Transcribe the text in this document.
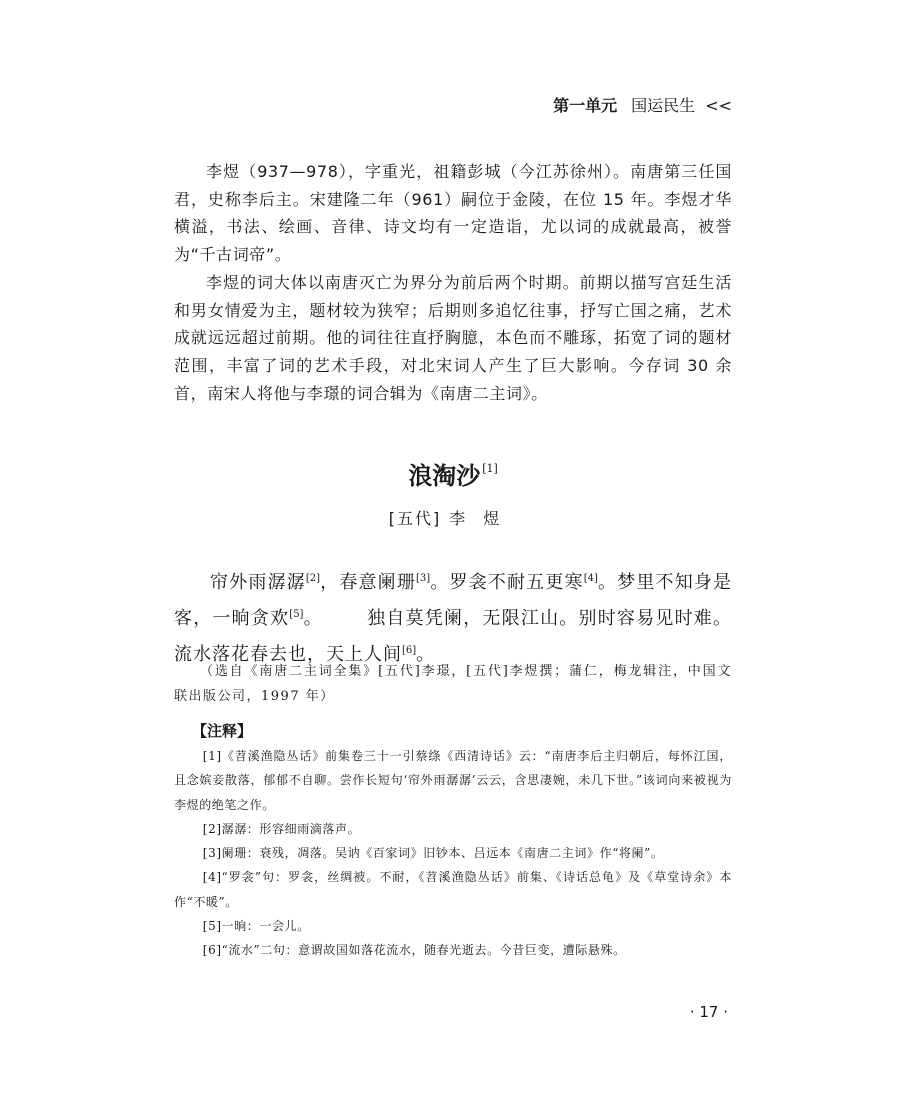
第一单元 国运民生 <<

李煜（937—978），字重光，祖籍彭城（今江苏徐州）。南唐第三任国君，史称李后主。宋建隆二年（961）嗣位于金陵，在位 15 年。李煜才华横溢，书法、绘画、音律、诗文均有一定造诣，尤以词的成就最高，被誉为“千古词帝”。

李煜的词大体以南唐灭亡为界分为前后两个时期。前期以描写宫廷生活和男女情爱为主，题材较为狭窄；后期则多追忆往事，抒写亡国之痛，艺术成就远远超过前期。他的词往往直抒胸臆，本色而不雕琢，拓宽了词的题材范围，丰富了词的艺术手段，对北宋词人产生了巨大影响。今存词 30 余首，南宋人将他与李璟的词合辑为《南唐二主词》。

浪淘沙 [1]
[五代] 李煜

帘外雨潺潺[2]，春意阑珊[3]。罗衾不耐五更寒[4]。梦里不知身是客，一晌贪欢[5]。 独自莫凭阑，无限江山。别时容易见时难。流水落花春去也，天上人间[6]。

（选自《南唐二主词全集》[五代]李璟，[五代]李煜撰；蒲仁，梅龙辑注，中国文联出版公司，1997 年）

【注释】

[1]《苕溪渔隐丛话》前集卷三十一引蔡绦《西清诗话》云：“南唐李后主归朝后，每怀江国，且念嫔妾散落，郁郁不自聊。尝作长短句‘帘外雨潺潺’云云，含思凄婉，未几下世。”该词向来被视为李煜的绝笔之作。

[2]潺潺：形容细雨滴落声。

[3]阑珊：衰残，凋落。吴讷《百家词》旧钞本、吕远本《南唐二主词》作“将阑”。

[4]“罗衾”句：罗衾，丝绸被。不耐，《苕溪渔隐丛话》前集、《诗话总龟》及《草堂诗余》本作“不暖”。

[5]一晌：一会儿。

[6]“流水”二句：意谓故国如落花流水，随春光逝去。今昔巨变，遭际悬殊。

· 17 ·
